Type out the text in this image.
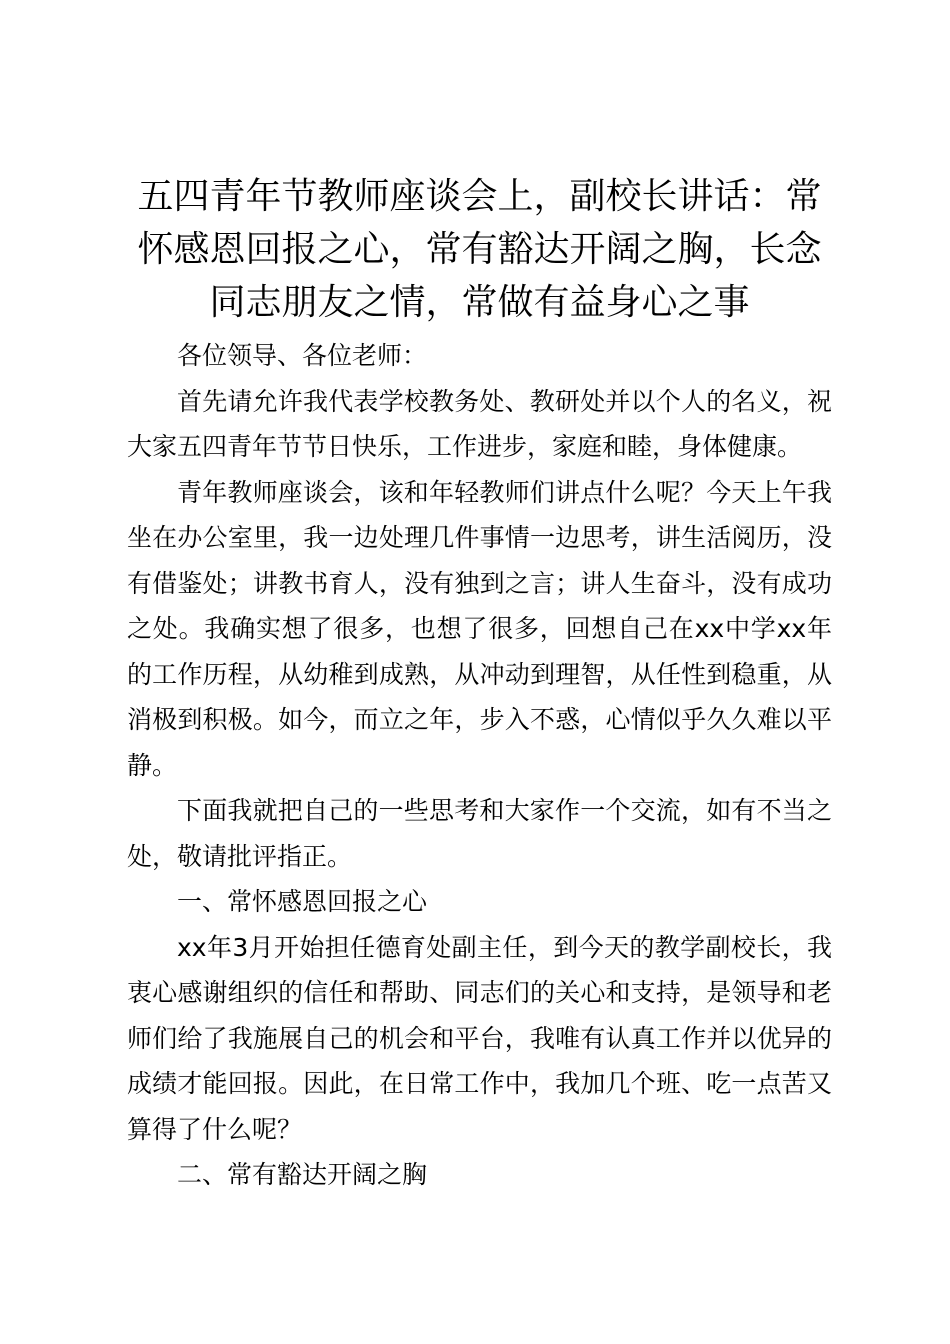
五四青年节教师座谈会上，副校长讲话：常怀感恩回报之心，常有豁达开阔之胸，长念同志朋友之情，常做有益身心之事

各位领导、各位老师：

首先请允许我代表学校教务处、教研处并以个人的名义，祝大家五四青年节节日快乐，工作进步，家庭和睦，身体健康。

青年教师座谈会，该和年轻教师们讲点什么呢？今天上午我坐在办公室里，我一边处理几件事情一边思考，讲生活阅历，没有借鉴处；讲教书育人，没有独到之言；讲人生奋斗，没有成功之处。我确实想了很多，也想了很多，回想自己在xx中学xx年的工作历程，从幼稚到成熟，从冲动到理智，从任性到稳重，从消极到积极。如今，而立之年，步入不惑，心情似乎久久难以平静。

下面我就把自己的一些思考和大家作一个交流，如有不当之处，敬请批评指正。

一、常怀感恩回报之心

xx年3月开始担任德育处副主任，到今天的教学副校长，我衷心感谢组织的信任和帮助、同志们的关心和支持，是领导和老师们给了我施展自己的机会和平台，我唯有认真工作并以优异的成绩才能回报。因此，在日常工作中，我加几个班、吃一点苦又算得了什么呢？

二、常有豁达开阔之胸
